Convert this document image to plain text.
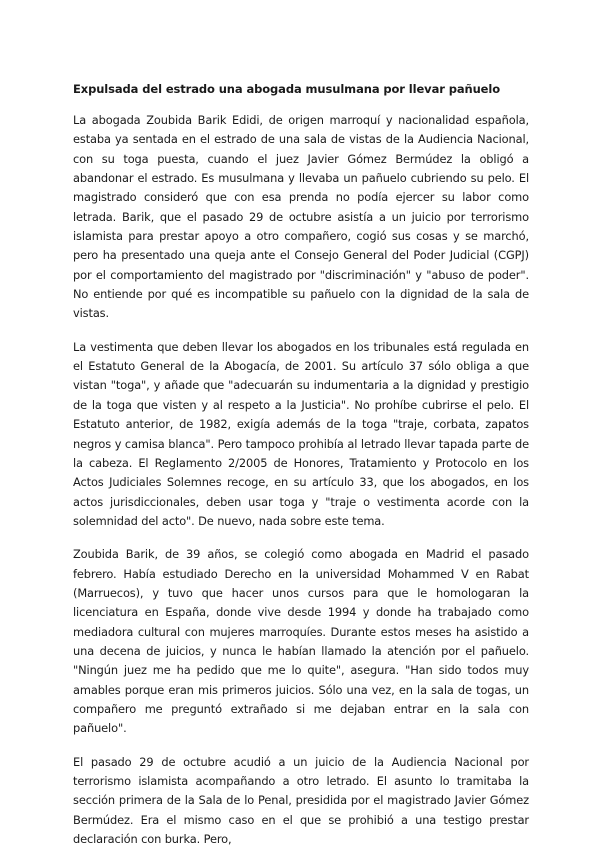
Expulsada del estrado una abogada musulmana por llevar pañuelo

La abogada Zoubida Barik Edidi, de origen marroquí y nacionalidad española, estaba ya sentada en el estrado de una sala de vistas de la Audiencia Nacional, con su toga puesta, cuando el juez Javier Gómez Bermúdez la obligó a abandonar el estrado. Es musulmana y llevaba un pañuelo cubriendo su pelo. El magistrado consideró que con esa prenda no podía ejercer su labor como letrada. Barik, que el pasado 29 de octubre asistía a un juicio por terrorismo islamista para prestar apoyo a otro compañero, cogió sus cosas y se marchó, pero ha presentado una queja ante el Consejo General del Poder Judicial (CGPJ) por el comportamiento del magistrado por "discriminación" y "abuso de poder". No entiende por qué es incompatible su pañuelo con la dignidad de la sala de vistas.

La vestimenta que deben llevar los abogados en los tribunales está regulada en el Estatuto General de la Abogacía, de 2001. Su artículo 37 sólo obliga a que vistan "toga", y añade que "adecuarán su indumentaria a la dignidad y prestigio de la toga que visten y al respeto a la Justicia". No prohíbe cubrirse el pelo. El Estatuto anterior, de 1982, exigía además de la toga "traje, corbata, zapatos negros y camisa blanca". Pero tampoco prohibía al letrado llevar tapada parte de la cabeza. El Reglamento 2/2005 de Honores, Tratamiento y Protocolo en los Actos Judiciales Solemnes recoge, en su artículo 33, que los abogados, en los actos jurisdiccionales, deben usar toga y "traje o vestimenta acorde con la solemnidad del acto". De nuevo, nada sobre este tema.

Zoubida Barik, de 39 años, se colegió como abogada en Madrid el pasado febrero. Había estudiado Derecho en la universidad Mohammed V en Rabat (Marruecos), y tuvo que hacer unos cursos para que le homologaran la licenciatura en España, donde vive desde 1994 y donde ha trabajado como mediadora cultural con mujeres marroquíes. Durante estos meses ha asistido a una decena de juicios, y nunca le habían llamado la atención por el pañuelo. "Ningún juez me ha pedido que me lo quite", asegura. "Han sido todos muy amables porque eran mis primeros juicios. Sólo una vez, en la sala de togas, un compañero me preguntó extrañado si me dejaban entrar en la sala con pañuelo".

El pasado 29 de octubre acudió a un juicio de la Audiencia Nacional por terrorismo islamista acompañando a otro letrado. El asunto lo tramitaba la sección primera de la Sala de lo Penal, presidida por el magistrado Javier Gómez Bermúdez. Era el mismo caso en el que se prohibió a una testigo prestar declaración con burka. Pero,
